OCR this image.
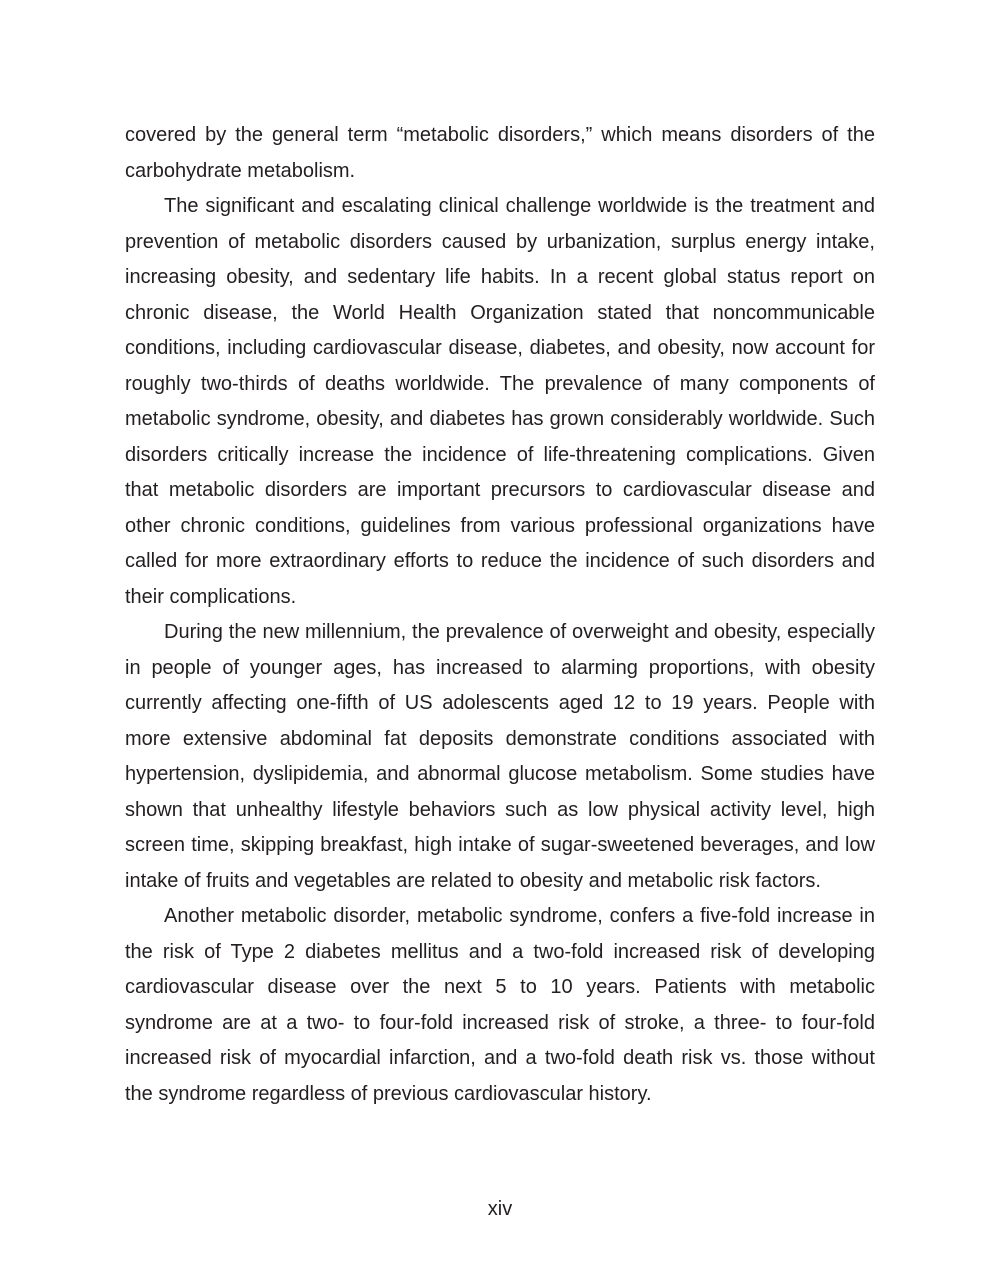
covered by the general term “metabolic disorders,” which means disorders of the carbohydrate metabolism.

The significant and escalating clinical challenge worldwide is the treatment and prevention of metabolic disorders caused by urbanization, surplus energy intake, increasing obesity, and sedentary life habits. In a recent global status report on chronic disease, the World Health Organization stated that noncommunicable conditions, including cardiovascular disease, diabetes, and obesity, now account for roughly two-thirds of deaths worldwide. The prevalence of many components of metabolic syndrome, obesity, and diabetes has grown considerably worldwide. Such disorders critically increase the incidence of life-threatening complications. Given that metabolic disorders are important precursors to cardiovascular disease and other chronic conditions, guidelines from various professional organizations have called for more extraordinary efforts to reduce the incidence of such disorders and their complications.

During the new millennium, the prevalence of overweight and obesity, especially in people of younger ages, has increased to alarming proportions, with obesity currently affecting one-fifth of US adolescents aged 12 to 19 years. People with more extensive abdominal fat deposits demonstrate conditions associated with hypertension, dyslipidemia, and abnormal glucose metabolism. Some studies have shown that unhealthy lifestyle behaviors such as low physical activity level, high screen time, skipping breakfast, high intake of sugar-sweetened beverages, and low intake of fruits and vegetables are related to obesity and metabolic risk factors.

Another metabolic disorder, metabolic syndrome, confers a five-fold increase in the risk of Type 2 diabetes mellitus and a two-fold increased risk of developing cardiovascular disease over the next 5 to 10 years. Patients with metabolic syndrome are at a two- to four-fold increased risk of stroke, a three- to four-fold increased risk of myocardial infarction, and a two-fold death risk vs. those without the syndrome regardless of previous cardiovascular history.

xiv
